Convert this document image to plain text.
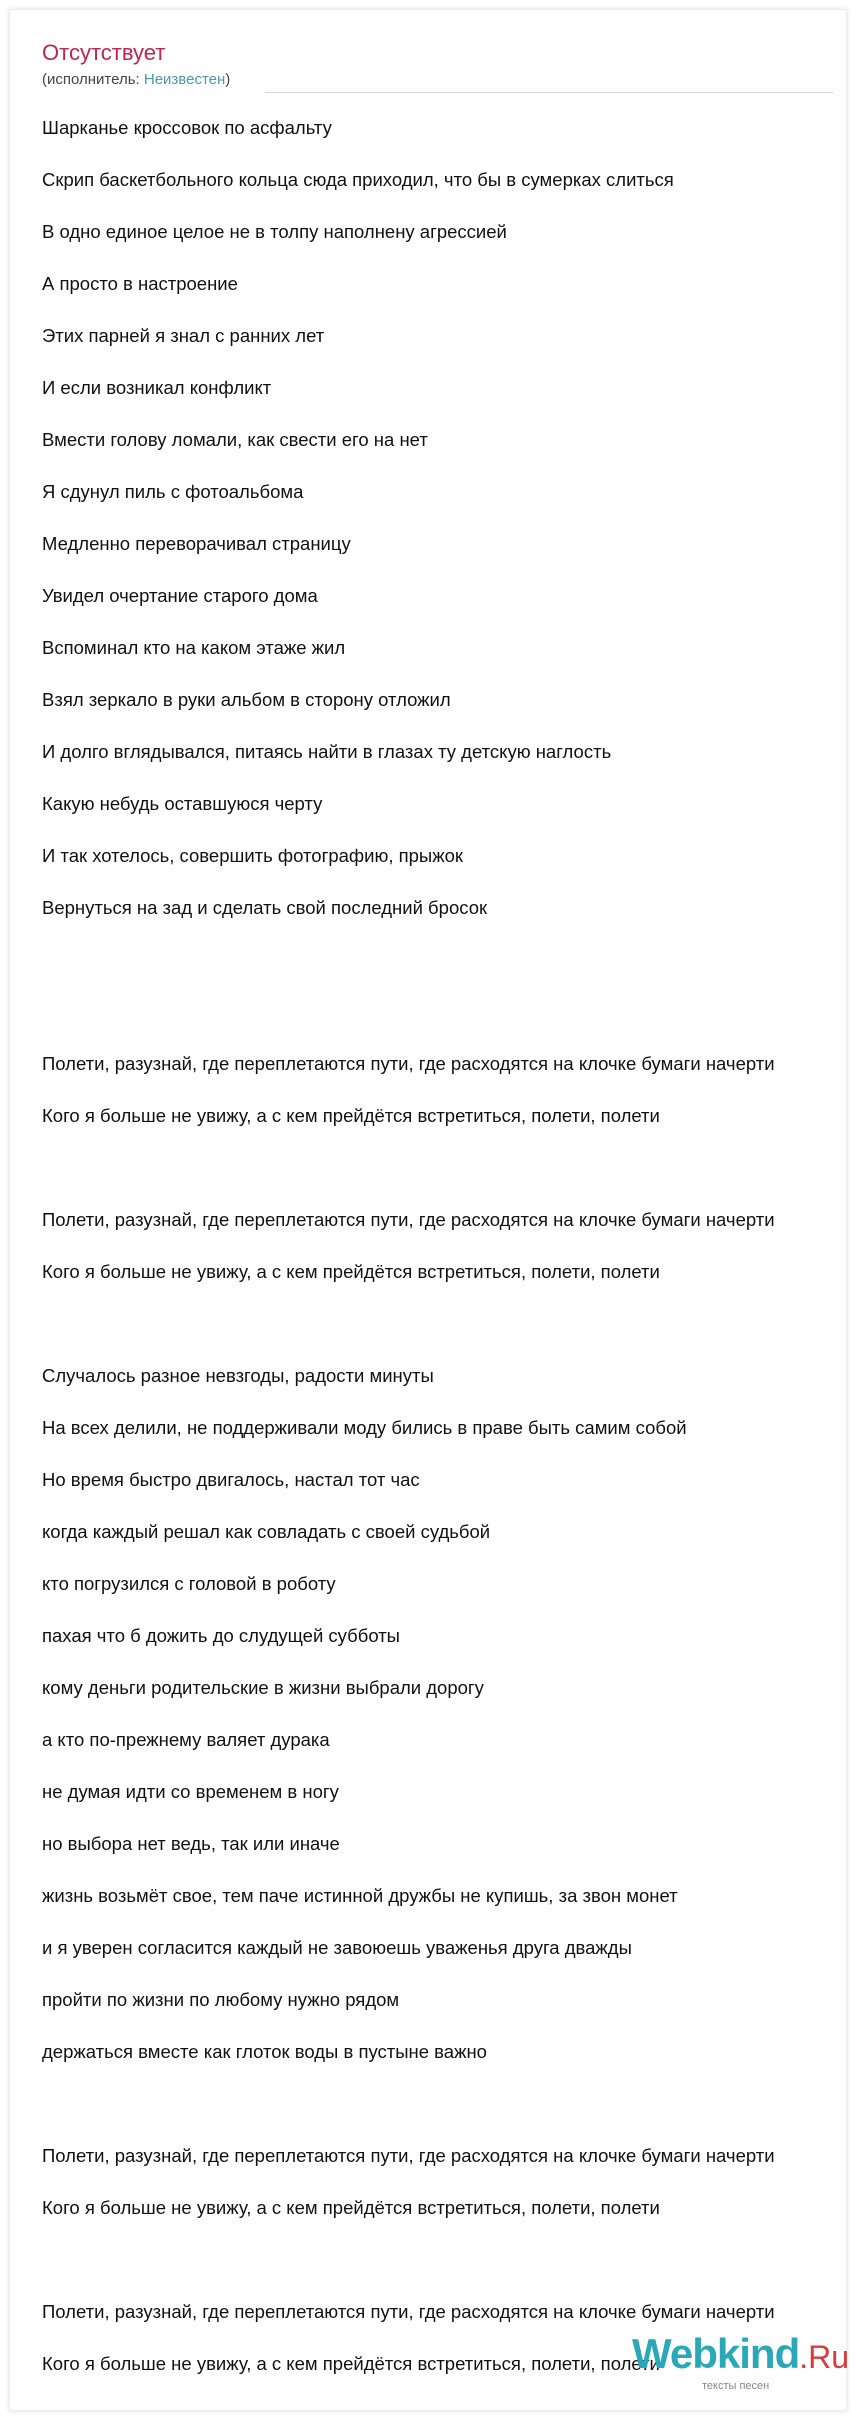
Отсутствует
(исполнитель: Неизвестен)
Шарканье кроссовок по асфальту
Скрип баскетбольного кольца сюда приходил, что бы в сумерках слиться
В одно единое целое не в толпу наполнену агрессией
А просто в настроение
Этих парней я знал с ранних лет
И если возникал конфликт
Вмести голову ломали, как свести его на нет
Я сдунул пиль с фотоальбома
Медленно переворачивал страницу
Увидел очертание старого дома
Вспоминал кто на каком этаже жил
Взял зеркало в руки альбом в сторону отложил
И долго вглядывался, питаясь найти в глазах ту детскую наглость
Какую небудь оставшуюся черту
И так хотелось, совершить фотографию, прыжок
Вернуться на зад и сделать свой последний бросок
Полети, разузнай, где переплетаются пути, где расходятся на клочке бумаги начерти
Кого я больше не увижу, а с кем прейдётся встретиться, полети, полети
Полети, разузнай, где переплетаются пути, где расходятся на клочке бумаги начерти
Кого я больше не увижу, а с кем прейдётся встретиться, полети, полети
Случалось разное невзгоды, радости минуты
На всех делили, не поддерживали моду бились в праве быть самим собой
Но время быстро двигалось, настал тот час
когда каждый решал как совладать с своей судьбой
кто погрузился с головой в роботу
пахая что б дожить до слудущей субботы
кому деньги родительские в жизни выбрали дорогу
а кто по-прежнему валяет дурака
не думая идти со временем в ногу
но выбора нет ведь, так или иначе
жизнь возьмёт свое, тем паче истинной дружбы не купишь, за звон монет
и я уверен согласится каждый не завоюешь уваженья друга дважды
пройти по жизни по любому нужно рядом
держаться вместе как глоток воды в пустыне важно
Полети, разузнай, где переплетаются пути, где расходятся на клочке бумаги начерти
Кого я больше не увижу, а с кем прейдётся встретиться, полети, полети
Полети, разузнай, где переплетаются пути, где расходятся на клочке бумаги начерти
Кого я больше не увижу, а с кем прейдётся встретиться, полети, полети
Webkind.Ru
тексты песен
